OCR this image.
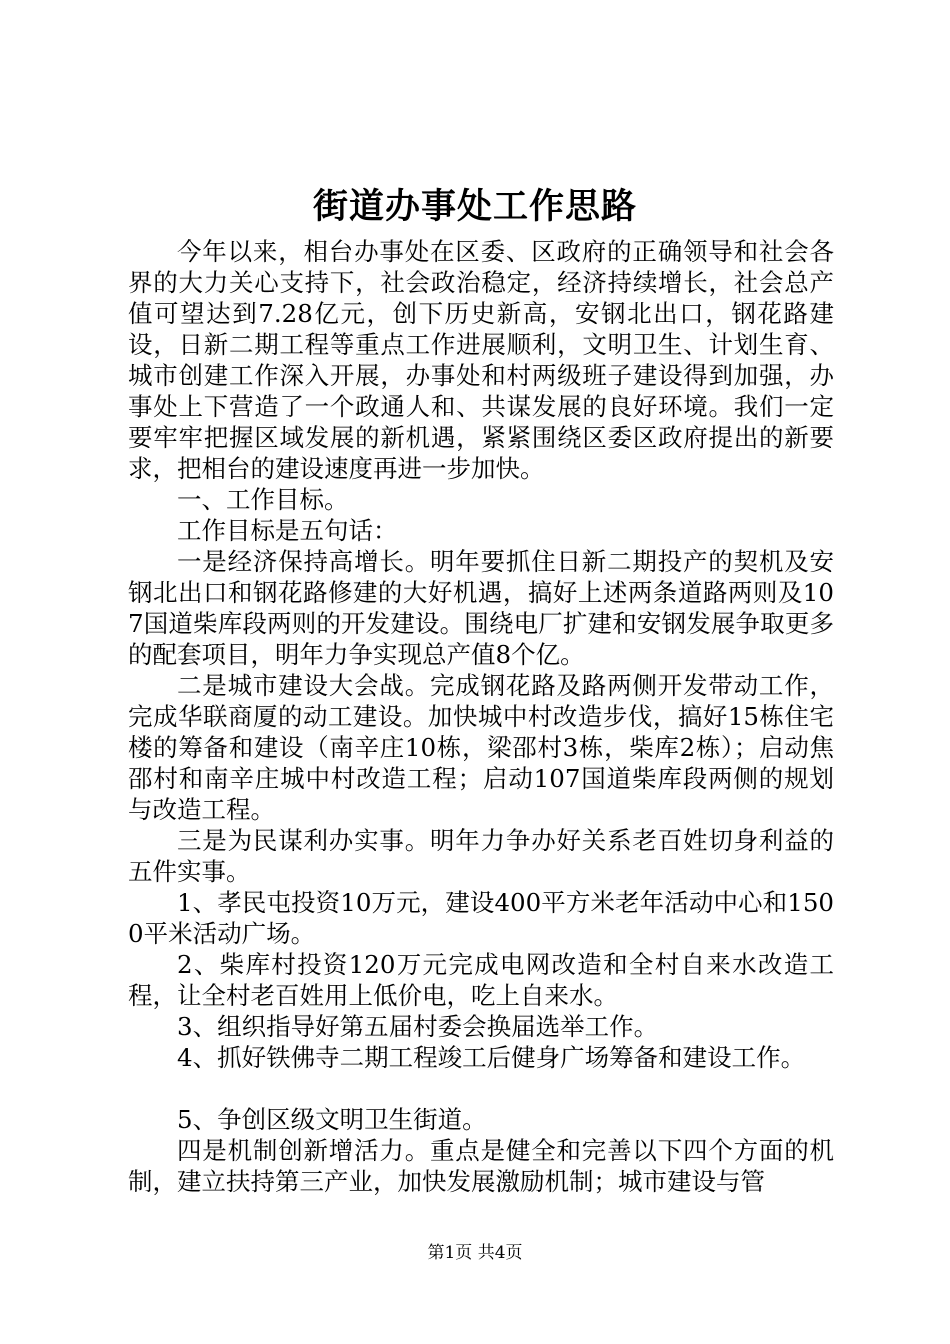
街道办事处工作思路

今年以来，相台办事处在区委、区政府的正确领导和社会各界的大力关心支持下，社会政治稳定，经济持续增长，社会总产值可望达到7.28亿元，创下历史新高，安钢北出口，钢花路建设，日新二期工程等重点工作进展顺利，文明卫生、计划生育、城市创建工作深入开展，办事处和村两级班子建设得到加强，办事处上下营造了一个政通人和、共谋发展的良好环境。我们一定要牢牢把握区域发展的新机遇，紧紧围绕区委区政府提出的新要求，把相台的建设速度再进一步加快。

一、工作目标。

工作目标是五句话：

一是经济保持高增长。明年要抓住日新二期投产的契机及安钢北出口和钢花路修建的大好机遇，搞好上述两条道路两则及107国道柴库段两则的开发建设。围绕电厂扩建和安钢发展争取更多的配套项目，明年力争实现总产值8个亿。

二是城市建设大会战。完成钢花路及路两侧开发带动工作，完成华联商厦的动工建设。加快城中村改造步伐，搞好15栋住宅楼的筹备和建设（南辛庄10栋，梁邵村3栋，柴库2栋）；启动焦邵村和南辛庄城中村改造工程；启动107国道柴库段两侧的规划与改造工程。

三是为民谋利办实事。明年力争办好关系老百姓切身利益的五件实事。

1、孝民屯投资10万元，建设400平方米老年活动中心和1500平米活动广场。

2、柴库村投资120万元完成电网改造和全村自来水改造工程，让全村老百姓用上低价电，吃上自来水。

3、组织指导好第五届村委会换届选举工作。

4、抓好铁佛寺二期工程竣工后健身广场筹备和建设工作。

5、争创区级文明卫生街道。

四是机制创新增活力。重点是健全和完善以下四个方面的机制，建立扶持第三产业，加快发展激励机制；城市建设与管

第1页 共4页
